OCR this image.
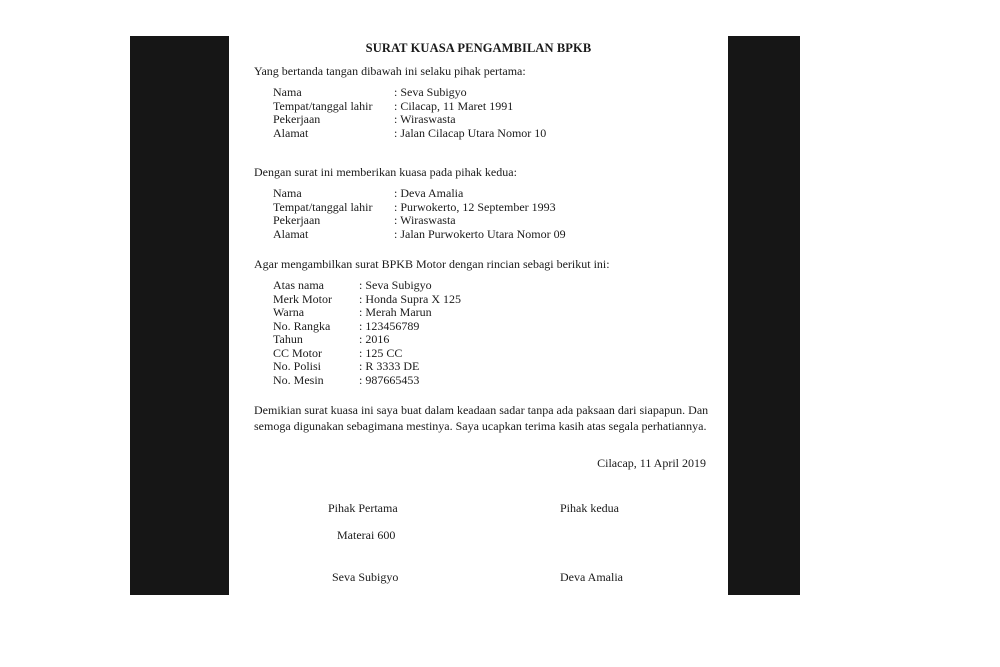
SURAT KUASA PENGAMBILAN BPKB
Yang bertanda tangan dibawah ini selaku pihak pertama:
Nama	: Seva Subigyo
Tempat/tanggal lahir	: Cilacap, 11 Maret 1991
Pekerjaan	: Wiraswasta
Alamat	: Jalan Cilacap Utara Nomor 10
Dengan surat ini memberikan kuasa pada pihak kedua:
Nama	: Deva Amalia
Tempat/tanggal lahir	: Purwokerto, 12 September 1993
Pekerjaan	: Wiraswasta
Alamat	: Jalan Purwokerto Utara Nomor 09
Agar mengambilkan surat BPKB Motor dengan rincian sebagi berikut ini:
Atas nama	: Seva Subigyo
Merk Motor	: Honda Supra X 125
Warna	: Merah Marun
No. Rangka	: 123456789
Tahun	: 2016
CC Motor	: 125 CC
No. Polisi	: R 3333 DE
No. Mesin	: 987665453
Demikian surat kuasa ini saya buat dalam keadaan sadar tanpa ada paksaan dari siapapun. Dan semoga digunakan sebagimana mestinya. Saya ucapkan terima kasih atas segala perhatiannya.
Cilacap, 11 April 2019
Pihak Pertama	Pihak kedua
Materai 600
Seva Subigyo	Deva Amalia
